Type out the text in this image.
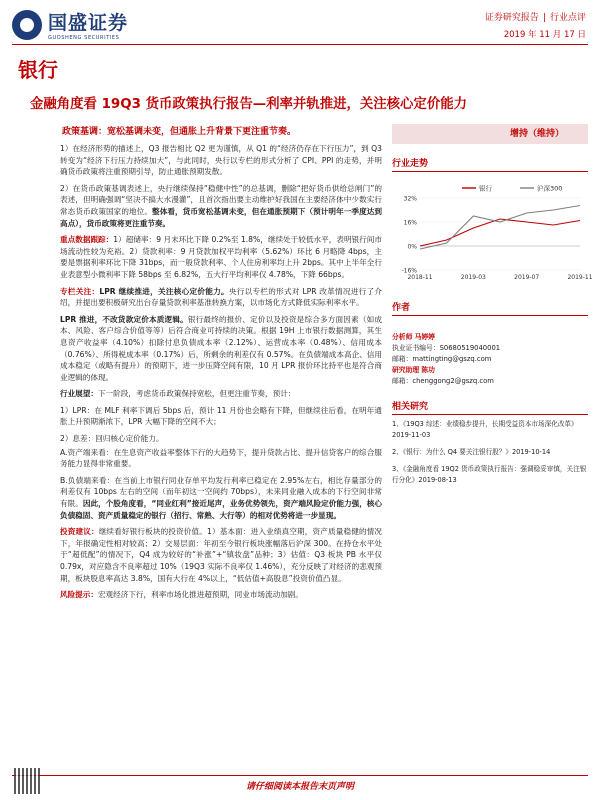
国盛证券
GUOSHENG SECURITIES
证券研究报告 | 行业点评
2019 年 11 月 17 日
银行
金融角度看 19Q3 货币政策执行报告—利率并轨推进，关注核心定价能力
政策基调：宽松基调未变，但通胀上升背景下更注重节奏。

1）在经济形势的描述上，Q3 报告相比 Q2 更为谨慎，从 Q1 的“经济仍存在下行压力”，到 Q3 转变为“经济下行压力持续加大”，与此同时，央行以专栏的形式分析了 CPI、PPI 的走势，并明确货币政策将注重预期引导，防止通胀预期发散。

2）在货币政策基调表述上，央行继续保持“稳健中性”的总基调，删除“把好货币供给总闸门”的表述，但明确强调“坚决不搞大水漫灌”，且首次指出要主动维护好我国在主要经济体中少数实行常态货币政策国家的地位。整体看，货币宽松基调未变，但在通胀预期下（预计明年一季度达到高点），货币政策将更注重节奏。

重点数据跟踪：1）超储率：9 月末环比下降 0.2%至 1.8%，继续处于较低水平，表明银行间市场流动性较为充裕。2）贷款利率：9 月贷款加权平均利率（5.62%）环比 6 月略降 4bps，主要是票据利率环比下降 31bps，而一般贷款利率、个人住房利率均上升 2bps。其中上半年全行业表意型小微利率下降 58bps 至 6.82%，五大行平均利率仅 4.78%，下降 66bps。

专栏关注：LPR 继续推进，关注核心定价能力。央行以专栏的形式对 LPR 改革情况进行了介绍，并提出要积极研究出台存量贷款利率基准转换方案，以市场化方式降低实际利率水平。

LPR 推进，不改货款定价本质逻辑。银行最终的报价、定价以及投资是综合多方面因素（如成本、风险、客户综合价值等等）后符合商业可持续的决策。根据 19H 上市银行数据测算，其生息资产收益率（4.10%）扣除付息负债成本率（2.12%）、运营成本率（0.48%）、信用成本（0.76%）、所得税成本率（0.17%）后，所剩余的利差仅有 0.57%。在负债端成本高企、信用成本稳定（或略有提升）的预期下，进一步压降空间有限，10 月 LPR 报价环比持平也是符合商业逻辑的体现。

行业展望：下一阶段，考虑货币政策保持宽松，但更注重节奏，预计：

1）LPR：在 MLF 利率下调后 5bps 后，预计 11 月份也会略有下降，但继续往后看，在明年通胀上升预期渐浓下，LPR 大幅下降的空间不大；

2）息差：回归核心定价能力。

A.资产端来看：在生息资产收益率整体下行的大趋势下，提升贷款占比、提升信贷客户的综合服务能力显得非常重要。

B.负债端来看：在当前上市银行同业存单平均发行利率已稳定在 2.95%左右，相比存量部分的利差仅有 10bps 左右的空间（而年初这一空间约 70bps），未来同业融入成本的下行空间非常有限。因此，个股角度看，“同业红利”接近尾声，业务优势领先，资产端风险定价能力强，核心负债稳固、资产质量稳定的银行（招行、常熟、大行等）的相对优势将进一步显现。

投资建议：继续看好银行板块的投资价值。1）基本面：进入业绩真空期，资产质量稳健的情况下，年报确定性相对较高；2）交易层面：年初至今银行板块涨幅落后沪深 300。在持仓水平处于“超低配”的情况下，Q4 成为较好的“补涨”+“镇妆盘”品种；3）估值：Q3 板块 PB 水平仅 0.79x，对应隐含不良率超过 10%（19Q3 实际不良率仅 1.46%），充分反映了对经济的悲观预期，板块股息率高达 3.8%，国有大行在 4%以上，“低估值+高股息”投资价值凸显。

风险提示：宏观经济下行，利率市场化推进超预期，同业市场流动加剧。

增持（维持）
行业走势
32%
16%
0%
-16%
2018-11	2019-03	2019-07	2019-11
银行	沪深300
作者
分析师 马婷婷
执业证书编号：S0680519040001
邮箱：mattingting@gszq.com
研究助理 陈功
邮箱：chenggong2@gszq.com
相关研究
1、《19Q3 综述：业绩稳步提升，长期受益资本市场深化改革》2019-11-03
2、《银行：为什么 Q4 要关注银行股？》2019-10-14
3、《金融角度看 19Q2 货币政策执行报告：强调稳妥审慎，关注银行分化》2019-08-13
请仔细阅读本报告末页声明
